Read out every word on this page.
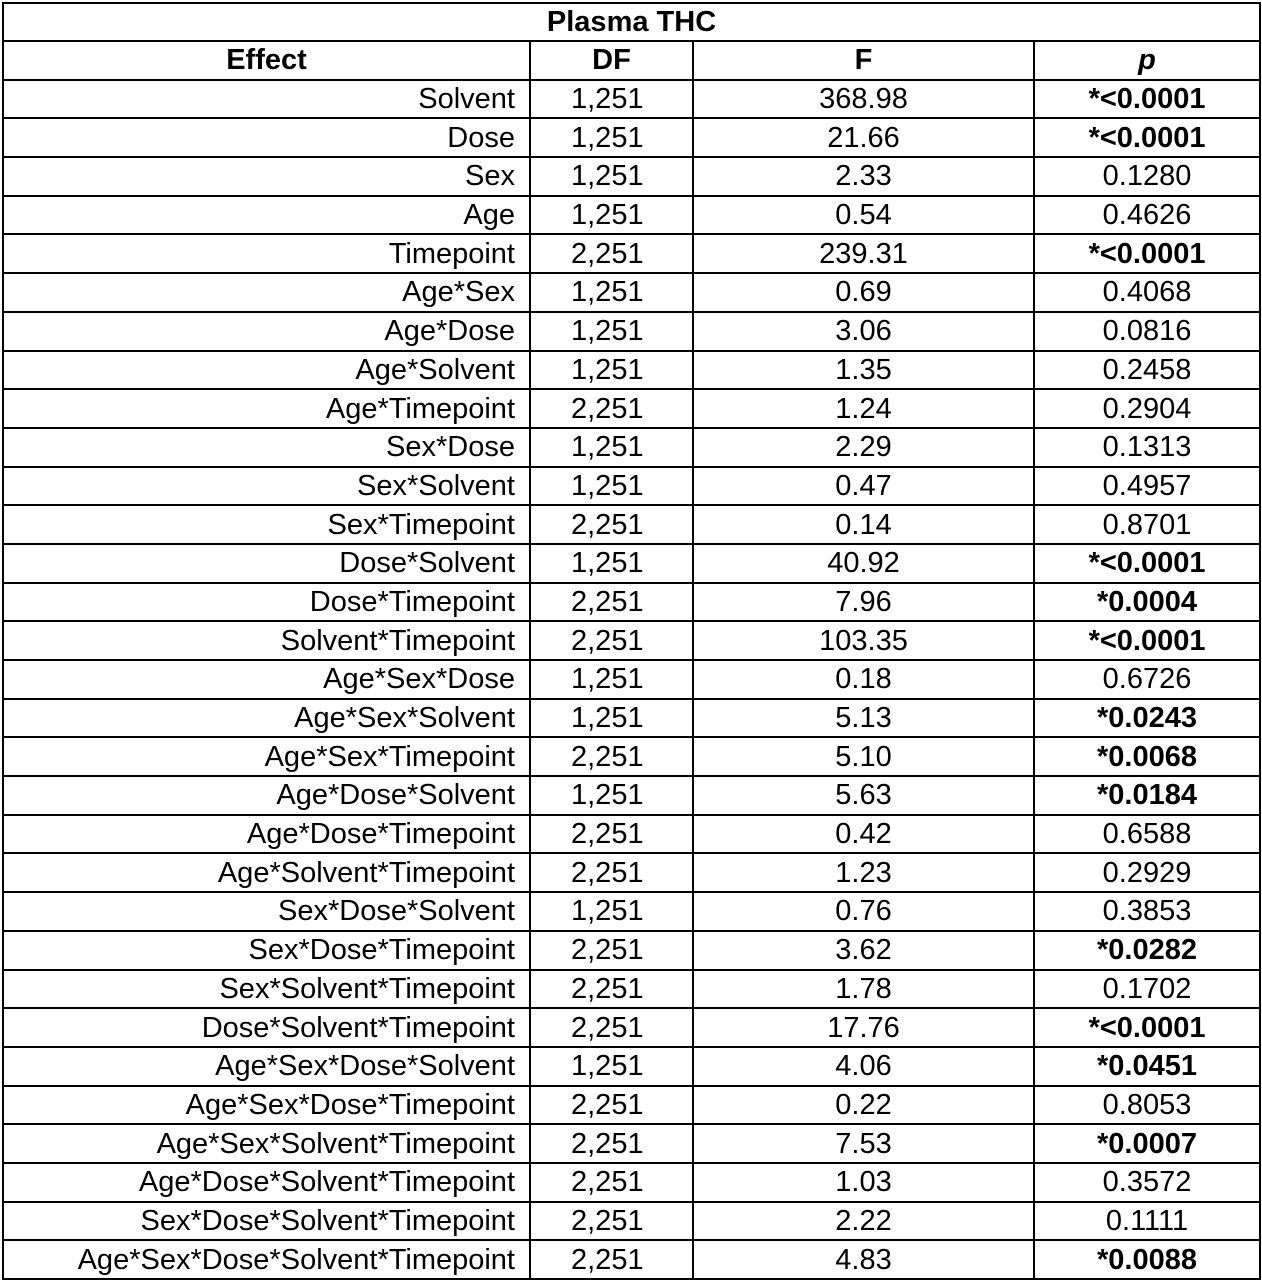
Plasma THC			
Effect	DF	F	p
Solvent	1,251	368.98	*<0.0001
Dose	1,251	21.66	*<0.0001
Sex	1,251	2.33	0.1280
Age	1,251	0.54	0.4626
Timepoint	2,251	239.31	*<0.0001
Age*Sex	1,251	0.69	0.4068
Age*Dose	1,251	3.06	0.0816
Age*Solvent	1,251	1.35	0.2458
Age*Timepoint	2,251	1.24	0.2904
Sex*Dose	1,251	2.29	0.1313
Sex*Solvent	1,251	0.47	0.4957
Sex*Timepoint	2,251	0.14	0.8701
Dose*Solvent	1,251	40.92	*<0.0001
Dose*Timepoint	2,251	7.96	*0.0004
Solvent*Timepoint	2,251	103.35	*<0.0001
Age*Sex*Dose	1,251	0.18	0.6726
Age*Sex*Solvent	1,251	5.13	*0.0243
Age*Sex*Timepoint	2,251	5.10	*0.0068
Age*Dose*Solvent	1,251	5.63	*0.0184
Age*Dose*Timepoint	2,251	0.42	0.6588
Age*Solvent*Timepoint	2,251	1.23	0.2929
Sex*Dose*Solvent	1,251	0.76	0.3853
Sex*Dose*Timepoint	2,251	3.62	*0.0282
Sex*Solvent*Timepoint	2,251	1.78	0.1702
Dose*Solvent*Timepoint	2,251	17.76	*<0.0001
Age*Sex*Dose*Solvent	1,251	4.06	*0.0451
Age*Sex*Dose*Timepoint	2,251	0.22	0.8053
Age*Sex*Solvent*Timepoint	2,251	7.53	*0.0007
Age*Dose*Solvent*Timepoint	2,251	1.03	0.3572
Sex*Dose*Solvent*Timepoint	2,251	2.22	0.1111
Age*Sex*Dose*Solvent*Timepoint	2,251	4.83	*0.0088
